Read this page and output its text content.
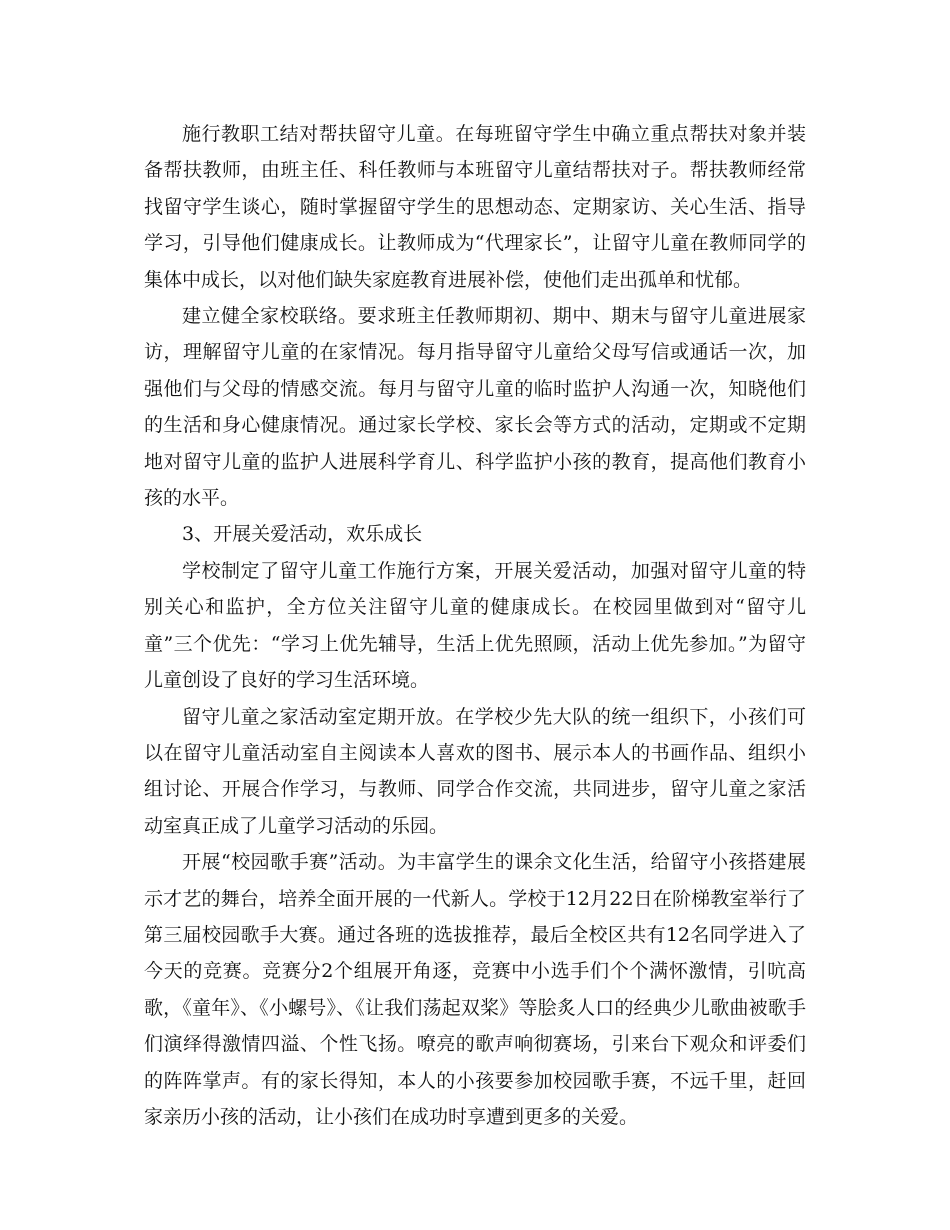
施行教职工结对帮扶留守儿童。在每班留守学生中确立重点帮扶对象并装备帮扶教师，由班主任、科任教师与本班留守儿童结帮扶对子。帮扶教师经常找留守学生谈心，随时掌握留守学生的思想动态、定期家访、关心生活、指导学习，引导他们健康成长。让教师成为“代理家长”，让留守儿童在教师同学的集体中成长，以对他们缺失家庭教育进展补偿，使他们走出孤单和忧郁。

建立健全家校联络。要求班主任教师期初、期中、期末与留守儿童进展家访，理解留守儿童的在家情况。每月指导留守儿童给父母写信或通话一次，加强他们与父母的情感交流。每月与留守儿童的临时监护人沟通一次，知晓他们的生活和身心健康情况。通过家长学校、家长会等方式的活动，定期或不定期地对留守儿童的监护人进展科学育儿、科学监护小孩的教育，提高他们教育小孩的水平。

3、开展关爱活动，欢乐成长

学校制定了留守儿童工作施行方案，开展关爱活动，加强对留守儿童的特别关心和监护，全方位关注留守儿童的健康成长。在校园里做到对“留守儿童”三个优先：“学习上优先辅导，生活上优先照顾，活动上优先参加。”为留守儿童创设了良好的学习生活环境。

留守儿童之家活动室定期开放。在学校少先大队的统一组织下，小孩们可以在留守儿童活动室自主阅读本人喜欢的图书、展示本人的书画作品、组织小组讨论、开展合作学习，与教师、同学合作交流，共同进步，留守儿童之家活动室真正成了儿童学习活动的乐园。

开展“校园歌手赛”活动。为丰富学生的课余文化生活，给留守小孩搭建展示才艺的舞台，培养全面开展的一代新人。学校于12月22日在阶梯教室举行了第三届校园歌手大赛。通过各班的选拔推荐，最后全校区共有12名同学进入了今天的竞赛。竞赛分2个组展开角逐，竞赛中小选手们个个满怀激情，引吭高歌，《童年》、《小螺号》、《让我们荡起双桨》等脍炙人口的经典少儿歌曲被歌手们演绎得激情四溢、个性飞扬。嘹亮的歌声响彻赛场，引来台下观众和评委们的阵阵掌声。有的家长得知，本人的小孩要参加校园歌手赛，不远千里，赶回家亲历小孩的活动，让小孩们在成功时享遭到更多的关爱。
